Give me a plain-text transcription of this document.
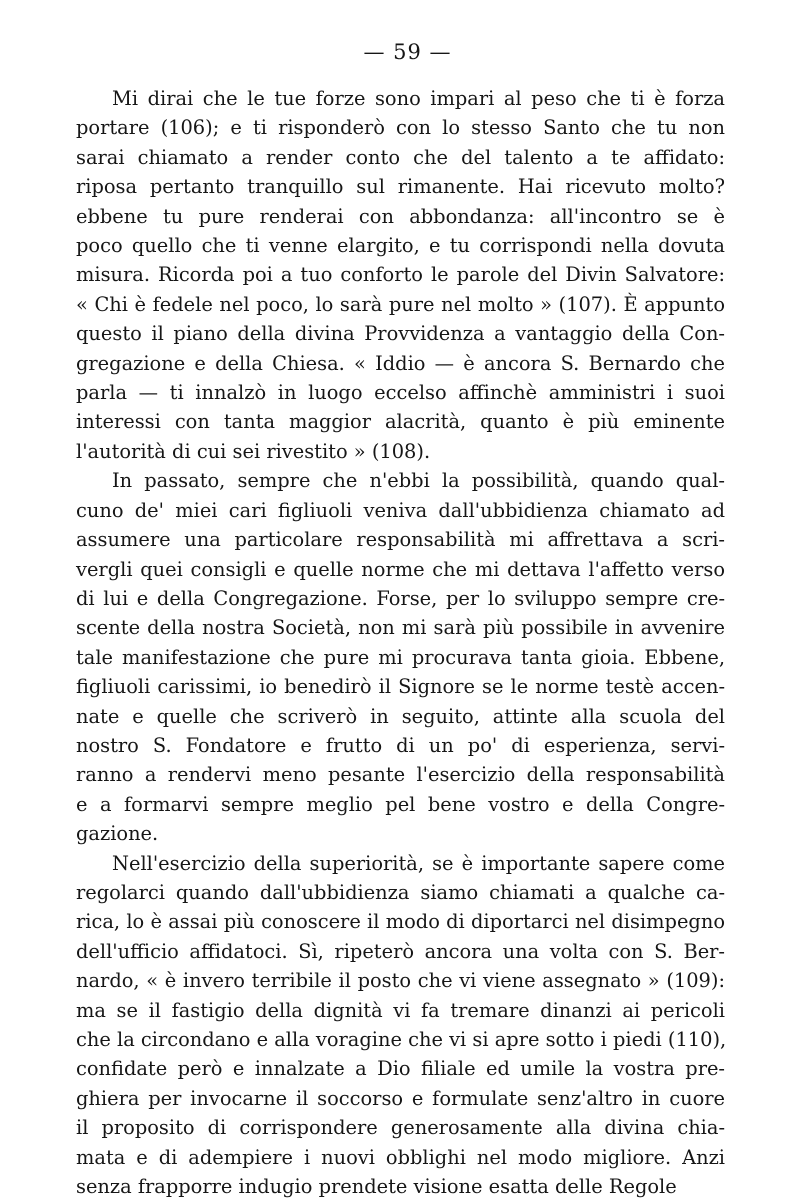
— 59 —

Mi dirai che le tue forze sono impari al peso che ti è forza
portare (106); e ti risponderò con lo stesso Santo che tu non
sarai chiamato a render conto che del talento a te affidato:
riposa pertanto tranquillo sul rimanente. Hai ricevuto molto?
ebbene tu pure renderai con abbondanza: all'incontro se è
poco quello che ti venne elargito, e tu corrispondi nella dovuta
misura. Ricorda poi a tuo conforto le parole del Divin Salvatore:
« Chi è fedele nel poco, lo sarà pure nel molto » (107). È appunto
questo il piano della divina Provvidenza a vantaggio della Con-
gregazione e della Chiesa. « Iddio — è ancora S. Bernardo che
parla — ti innalzò in luogo eccelso affinchè amministri i suoi
interessi con tanta maggior alacrità, quanto è più eminente
l'autorità di cui sei rivestito » (108).

In passato, sempre che n'ebbi la possibilità, quando qual-
cuno de' miei cari figliuoli veniva dall'ubbidienza chiamato ad
assumere una particolare responsabilità mi affrettava a scri-
vergli quei consigli e quelle norme che mi dettava l'affetto verso
di lui e della Congregazione. Forse, per lo sviluppo sempre cre-
scente della nostra Società, non mi sarà più possibile in avvenire
tale manifestazione che pure mi procurava tanta gioia. Ebbene,
figliuoli carissimi, io benedirò il Signore se le norme testè accen-
nate e quelle che scriverò in seguito, attinte alla scuola del
nostro S. Fondatore e frutto di un po' di esperienza, servi-
ranno a rendervi meno pesante l'esercizio della responsabilità
e a formarvi sempre meglio pel bene vostro e della Congre-
gazione.

Nell'esercizio della superiorità, se è importante sapere come
regolarci quando dall'ubbidienza siamo chiamati a qualche ca-
rica, lo è assai più conoscere il modo di diportarci nel disimpegno
dell'ufficio affidatoci. Sì, ripeterò ancora una volta con S. Ber-
nardo, « è invero terribile il posto che vi viene assegnato » (109):
ma se il fastigio della dignità vi fa tremare dinanzi ai pericoli
che la circondano e alla voragine che vi si apre sotto i piedi (110),
confidate però e innalzate a Dio filiale ed umile la vostra pre-
ghiera per invocarne il soccorso e formulate senz'altro in cuore
il proposito di corrispondere generosamente alla divina chia-
mata e di adempiere i nuovi obblighi nel modo migliore. Anzi
senza frapporre indugio prendete visione esatta delle Regole
